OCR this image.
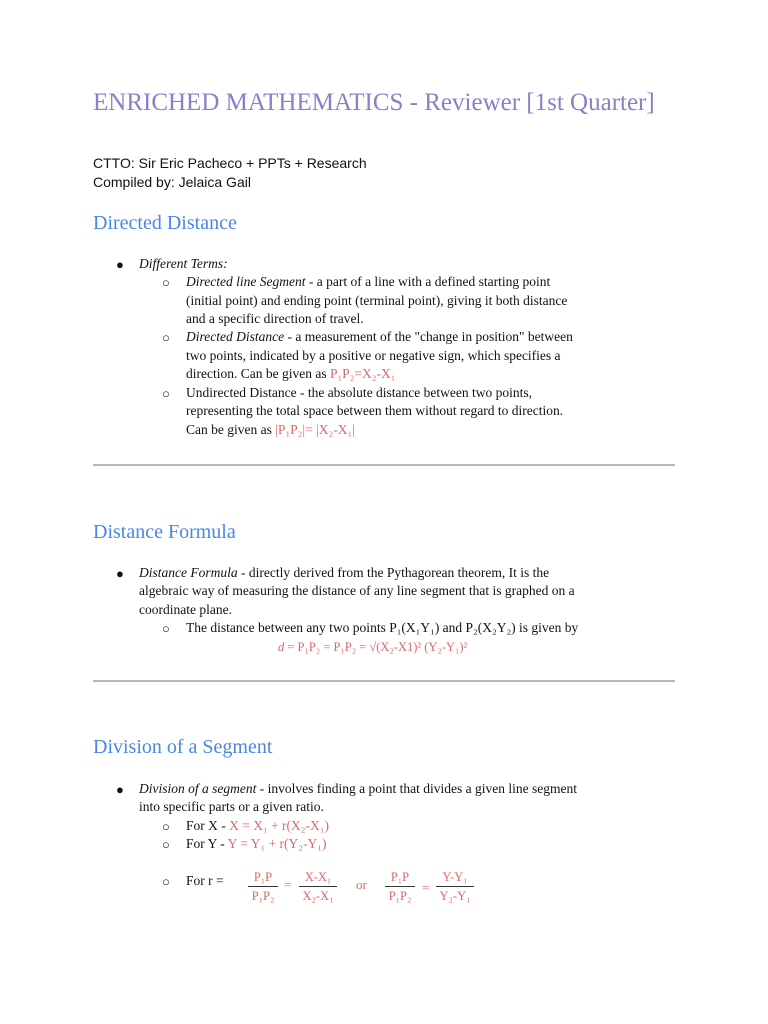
ENRICHED MATHEMATICS - Reviewer [1st Quarter]
CTTO: Sir Eric Pacheco + PPTs + Research
Compiled by: Jelaica Gail
Directed Distance
● Different Terms:
○ Directed line Segment - a part of a line with a defined starting point
(initial point) and ending point (terminal point), giving it both distance
and a specific direction of travel.
○ Directed Distance - a measurement of the "change in position" between
two points, indicated by a positive or negative sign, which specifies a
direction. Can be given as P₁P₂=X₂-X₁
○ Undirected Distance - the absolute distance between two points,
representing the total space between them without regard to direction.
Can be given as |P₁P₂|= |X₂-X₁|
Distance Formula
● Distance Formula - directly derived from the Pythagorean theorem, It is the
algebraic way of measuring the distance of any line segment that is graphed on a
coordinate plane.
○ The distance between any two points P₁(X₁Y₁) and P₂(X₂Y₂) is given by
d = P₁P₂ = P₁P₂ = √(X₂-X1)² (Y₂-Y₁)²
Division of a Segment
● Division of a segment - involves finding a point that divides a given line segment
into specific parts or a given ratio.
○ For X - X = X₁ + r(X₂-X₁)
○ For Y - Y = Y₁ + r(Y₂-Y₁)
○ For r =	P₁P
P₁P₂
=	X-X₁
X₂-X₁
or	P₁P
P₁P₂
=
Y-Y₁
Y₂-Y₁
